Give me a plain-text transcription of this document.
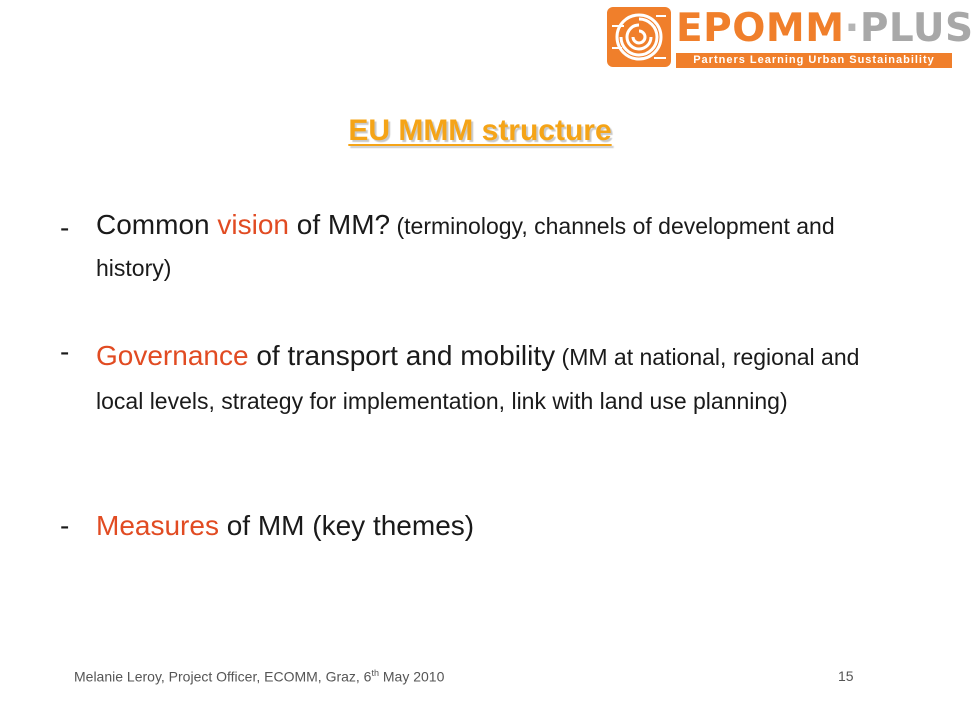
EPOMM·PLUS
Partners Learning Urban Sustainability
EU MMM structure
- Common vision of MM? (terminology, channels of development and history)
- Governance of transport and mobility (MM at national, regional and local levels, strategy for implementation, link with land use planning)
- Measures of MM (key themes)
Melanie Leroy, Project Officer, ECOMM, Graz, 6th May 2010	15
